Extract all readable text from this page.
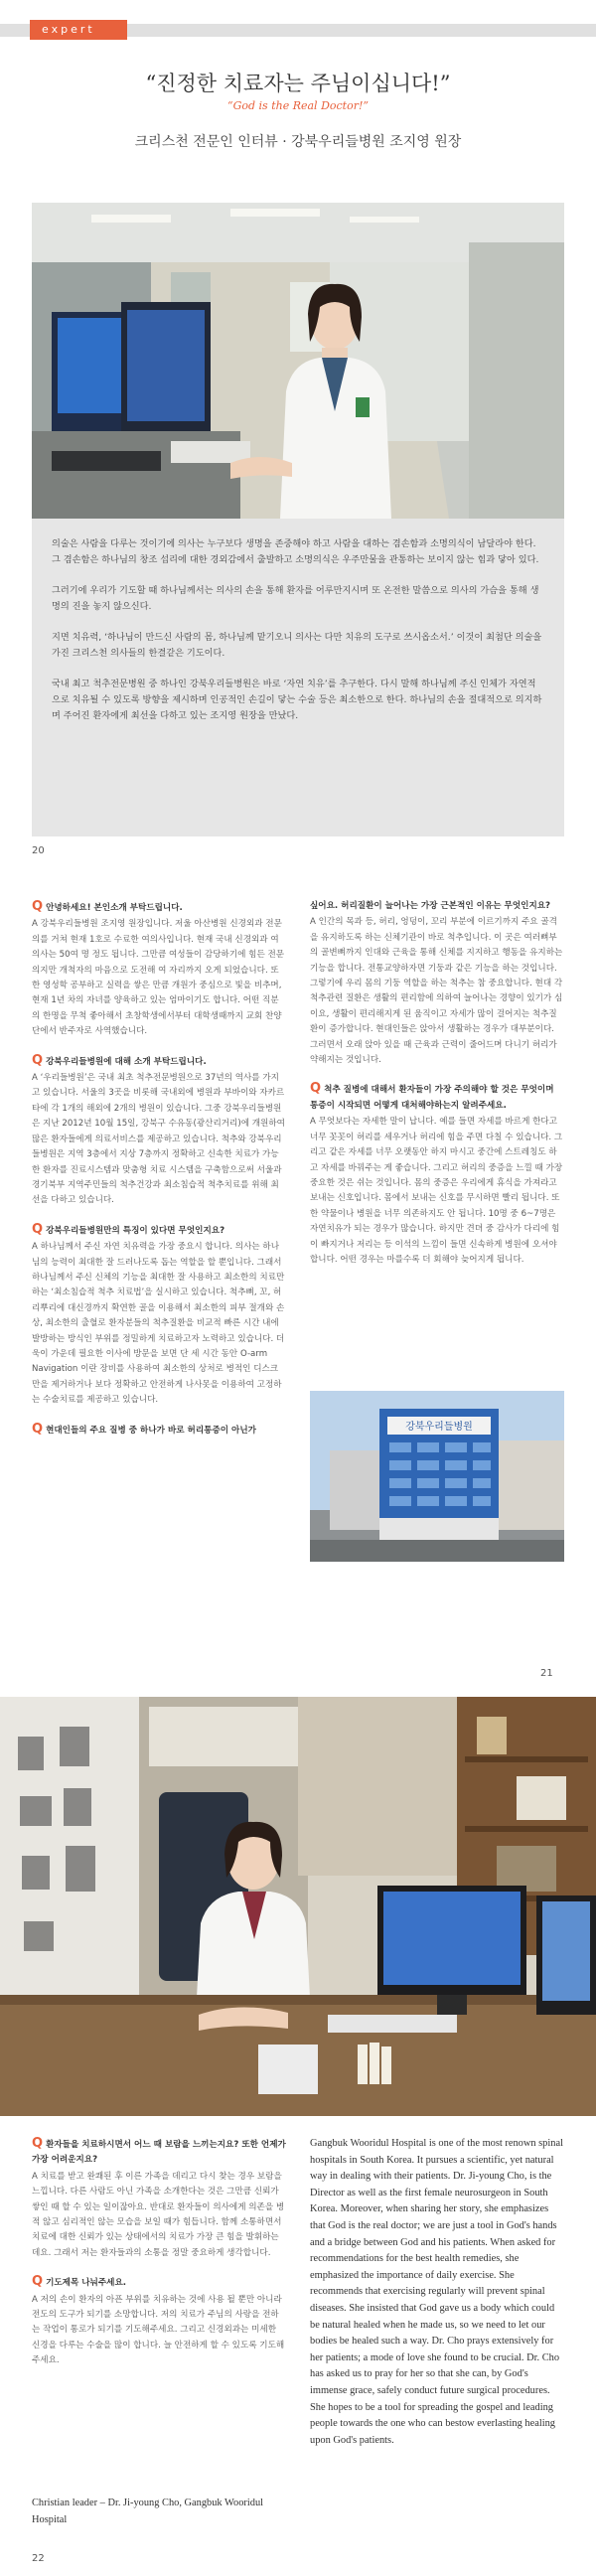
expert
“진정한 치료자는 주님이십니다!”
“God is the Real Doctor!”
크리스천 전문인 인터뷰 · 강북우리들병원 조지영 원장

의술은 사람을 다루는 것이기에 의사는 누구보다 생명을 존중해야 하고 사람을 대하는 겸손함과 소명의식이 남달라야 한다. 그 겸손함은 하나님의 창조 섭리에 대한 경외감에서 출발하고 소명의식은 우주만물을 관통하는 보이지 않는 힘과 닿아 있다.

그러기에 우리가 기도할 때 하나님께서는 의사의 손을 통해 환자를 어루만지시며 또 온전한 말씀으로 의사의 가슴을 통해 생명의 진을 놓지 않으신다.

지면 치유력, ‘하나님이 만드신 사람의 몸, 하나님께 맡기오니 의사는 다만 치유의 도구로 쓰시옵소서.’ 이것이 최첨단 의술을 가진 크리스천 의사들의 한결같은 기도이다.

국내 최고 척추전문병원 중 하나인 강북우리들병원은 바로 ‘자연 치유’를 추구한다. 다시 말해 하나님께 주신 인체가 자연적으로 치유될 수 있도록 방향을 제시하며 인공적인 손길이 닿는 수술 등은 최소한으로 한다. 하나님의 손을 절대적으로 의지하며 주어진 환자에게 최선을 다하고 있는 조지영 원장을 만났다.

20
Q안녕하세요! 본인소개 부탁드립니다.

A 강북우리들병원 조지영 원장입니다. 저울 아산병원 신경외과 전문의를 거쳐 현재 1호로 수료한 여의사입니다. 현재 국내 신경외과 여의사는 50여 명 정도 됩니다. 그만큼 여성들이 감당하기에 힘든 전문의지만 개척자의 마음으로 도전해 여 자리까지 오게 되었습니다. 또한 영성학 공부하고 실력을 쌓은 만큼 개원가 중심으로 빛을 비추며, 현재 1년 차의 자녀를 양육하고 있는 엄마이기도 합니다. 어떤 직분의 한명을 무척 좋아해서 초창학생에서부터 대학생때까지 교회 찬양단에서 반주자로 사역했습니다.

Q강북우리들병원에 대해 소개 부탁드립니다.

A ‘우리들병원’은 국내 최초 척추전문병원으로 37년의 역사를 가지고 있습니다. 서울의 3곳을 비롯해 국내외에 병원과 부바이와 자카르타에 각 1개의 해외에 2개의 병원이 있습니다. 그중 강북우리들병원은 지난 2012년 10월 15일, 강북구 수유동(광산리거리)에 개원하여 많은 환자들에게 의료서비스를 제공하고 있습니다. 척추와 강북우리들병원은 지역 3층에서 지상 7층까지 정확하고 신속한 치료가 가능한 환자를 진료시스템과 맞춤형 치료 시스템을 구축함으로써 서울과 경기북부 지역주민들의 척추건강과 최소침습적 척추치료를 위해 최선을 다하고 있습니다.

Q강북우리들병원만의 특징이 있다면 무엇인지요?

A 하나님께서 주신 자연 치유력을 가장 중요시 합니다. 의사는 하나님의 능력이 최대한 잘 드러나도록 돕는 역할을 할 뿐입니다. 그래서 하나님께서 주신 신체의 기능을 최대한 잘 사용하고 최소한의 치료만 하는 ‘최소침습적 척추 치료법’을 실시하고 있습니다. 척추뼈, 꼬, 허리뿌리에 대신경까지 확연한 골을 이용해서 최소한의 피부 절개와 손상, 최소한의 출혈로 환자분들의 척추질환을 비교적 빠른 시간 내에 발방하는 방식인 부위를 정밀하게 치료하고자 노력하고 있습니다. 더욱이 가운데 필요한 이사에 방문을 보면 단 세 시간 동안 O-arm Navigation 이란 장비를 사용하여 최소한의 상처로 병적인 디스크만을 제거하거나 보다 정확하고 안전하게 나사못을 이용하여 고정하는 수술치료를 제공하고 있습니다.

Q현대인들의 주요 질병 중 하나가 바로 허리통증이 아닌가
싶어요. 허리질환이 늘어나는 가장 근본적인 이유는 무엇인지요?

A 인간의 목과 등, 허리, 엉덩이, 꼬리 부분에 이르기까지 주요 골격을 유지하도록 하는 신체기관이 바로 척추입니다. 이 곳은 여러뼈부의 골변뼈까지 인대와 근육을 통해 신체를 지지하고 행동을 유지하는 기능을 합니다. 전통교양하자면 기둥과 같은 기능을 하는 것입니다. 그렇기에 우리 몸의 기둥 역할을 하는 척추는 참 중요합니다. 현대 각 척추관련 질환은 생활의 편리함에 의하여 늘어나는 경향이 있기가 심이요, 생활이 편리해지게 된 움직이고 자세가 많이 걸어지는 척추질환이 증가합니다. 현대인들은 앉아서 생활하는 경우가 대부분이다. 그러면서 오래 앉아 있을 때 근육과 근력이 줄어드며 다니기 허리가 약해지는 것입니다.

Q척추 질병에 대해서 환자들이 가장 주의해야 할 것은 무엇이며 통증이 시작되면 어떻게 대처해야하는지 알려주세요.

A 무엇보다는 자세한 말이 납니다. 예를 들면 자세를 바르게 한다고 너무 꼿꼿이 허리를 세우거나 허리에 힘을 주면 다칠 수 있습니다. 그리고 같은 자세를 너무 오랫동안 하지 마시고 중간에 스트레칭도 하고 자세를 바꿔주는 게 좋습니다. 그리고 허리의 중증을 느낄 때 가장 중요한 것은 쉬는 것입니다. 몸의 중증은 우리에게 휴식을 가져라고 보내는 신호입니다. 몸에서 보내는 신호를 무시하면 빨리 됩니다. 또한 약물이나 병원을 너무 의존하지도 안 됩니다. 10명 중 6~7명은 자연치유가 되는 경우가 많습니다. 하지만 견뎌 중 감사가 다리에 힘이 빠지거나 저리는 등 이석의 느낌이 들면 신속하게 병원에 오셔야 합니다. 어떤 경우는 마를수록 더 회해야 늦어지게 됩니다.

강북우리들병원
21
Q환자들을 치료하시면서 어느 때 보람을 느끼는지요? 또한 언제가 가장 어려운지요?

A 치료를 받고 완쾌된 후 이른 가족을 데리고 다시 찾는 경우 보람을 느낍니다. 다른 사람도 아닌 가족을 소개한다는 것은 그만큼 신뢰가 쌓인 때 할 수 있는 일이잖아요. 반대로 환자들이 의사에게 의존을 병적 않고 심리적인 않는 모습을 보일 때가 힘듭니다. 함께 소통하면서 치료에 대한 신뢰가 있는 상태에서의 치료가 가장 큰 힘을 발휘하는데요. 그래서 저는 환자들과의 소통을 정말 중요하게 생각합니다.

Q기도제목 나눠주세요.

A 저의 손이 환자의 아픈 부위를 치유하는 것에 사용 될 뿐만 아니라 전도의 도구가 되기를 소망합니다. 저의 치료가 주님의 사랑을 전하는 작업이 통로가 되기를 기도해주세요. 그리고 신경외과는 미세한 신경을 다루는 수술을 많이 합니다. 늘 안전하게 할 수 있도록 기도해주세요.

Christian leader – Dr. Ji-young Cho, Gangbuk Wooridul Hospital
Gangbuk Wooridul Hospital is one of the most renown spinal hospitals in South Korea. It pursues a scientific, yet natural way in dealing with their patients. Dr. Ji-young Cho, is the Director as well as the first female neurosurgeon in South Korea. Moreover, when sharing her story, she emphasizes that God is the real doctor; we are just a tool in God's hands and a bridge between God and his patients. When asked for recommendations for the best health remedies, she emphasized the importance of daily exercise. She recommends that exercising regularly will prevent spinal diseases. She insisted that God gave us a body which could be natural healed when he made us, so we need to let our bodies be healed such a way. Dr. Cho prays extensively for her patients; a mode of love she found to be crucial. Dr. Cho has asked us to pray for her so that she can, by God's immense grace, safely conduct future surgical procedures. She hopes to be a tool for spreading the gospel and leading people towards the one who can bestow everlasting healing upon God's patients.
22
